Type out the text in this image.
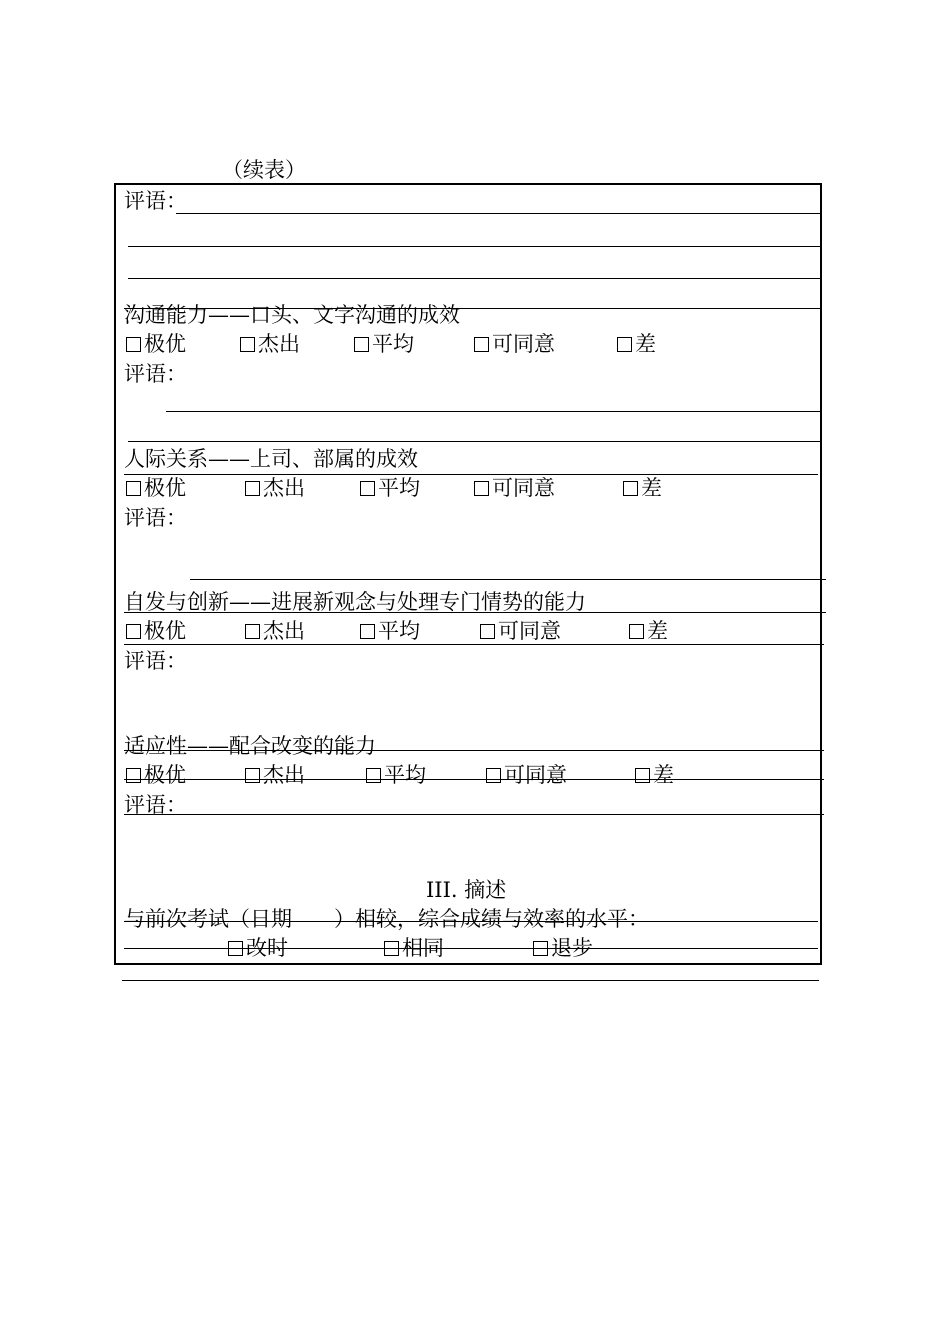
（续表）
评语：
沟通能力——口头、文字沟通的成效
极优	杰出	平均	可同意	差
评语：
人际关系——上司、部属的成效
极优	杰出	平均	可同意	差
评语：
自发与创新——进展新观念与处理专门情势的能力
极优	杰出	平均	可同意	差
评语：
适应性——配合改变的能力
极优	杰出	平均	可同意	差
评语：
III. 摘述
与前次考试（日期　　）相较，综合成绩与效率的水平：
改时	相同	退步
